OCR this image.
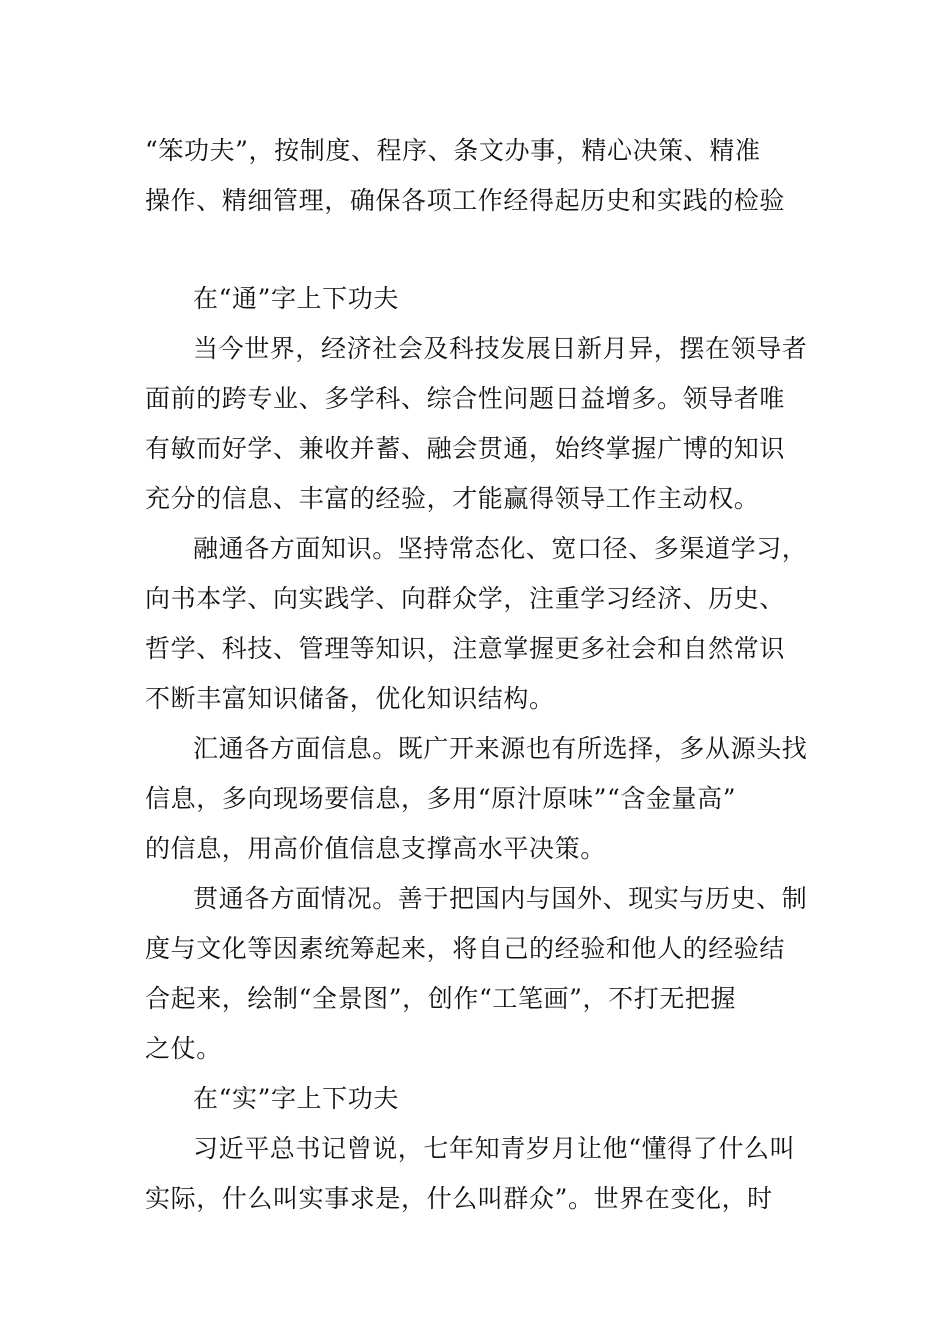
“笨功夫”，按制度、程序、条文办事，精心决策、精准
操作、精细管理，确保各项工作经得起历史和实践的检验
在“通”字上下功夫
当今世界，经济社会及科技发展日新月异，摆在领导者
面前的跨专业、多学科、综合性问题日益增多。领导者唯
有敏而好学、兼收并蓄、融会贯通，始终掌握广博的知识
充分的信息、丰富的经验，才能赢得领导工作主动权。
融通各方面知识。坚持常态化、宽口径、多渠道学习，
向书本学、向实践学、向群众学，注重学习经济、历史、
哲学、科技、管理等知识，注意掌握更多社会和自然常识
不断丰富知识储备，优化知识结构。
汇通各方面信息。既广开来源也有所选择，多从源头找
信息，多向现场要信息，多用“原汁原味”“含金量高”
的信息，用高价值信息支撑高水平决策。
贯通各方面情况。善于把国内与国外、现实与历史、制
度与文化等因素统筹起来，将自己的经验和他人的经验结
合起来，绘制“全景图”，创作“工笔画”，不打无把握
之仗。
在“实”字上下功夫
习近平总书记曾说，七年知青岁月让他“懂得了什么叫
实际，什么叫实事求是，什么叫群众”。世界在变化，时
